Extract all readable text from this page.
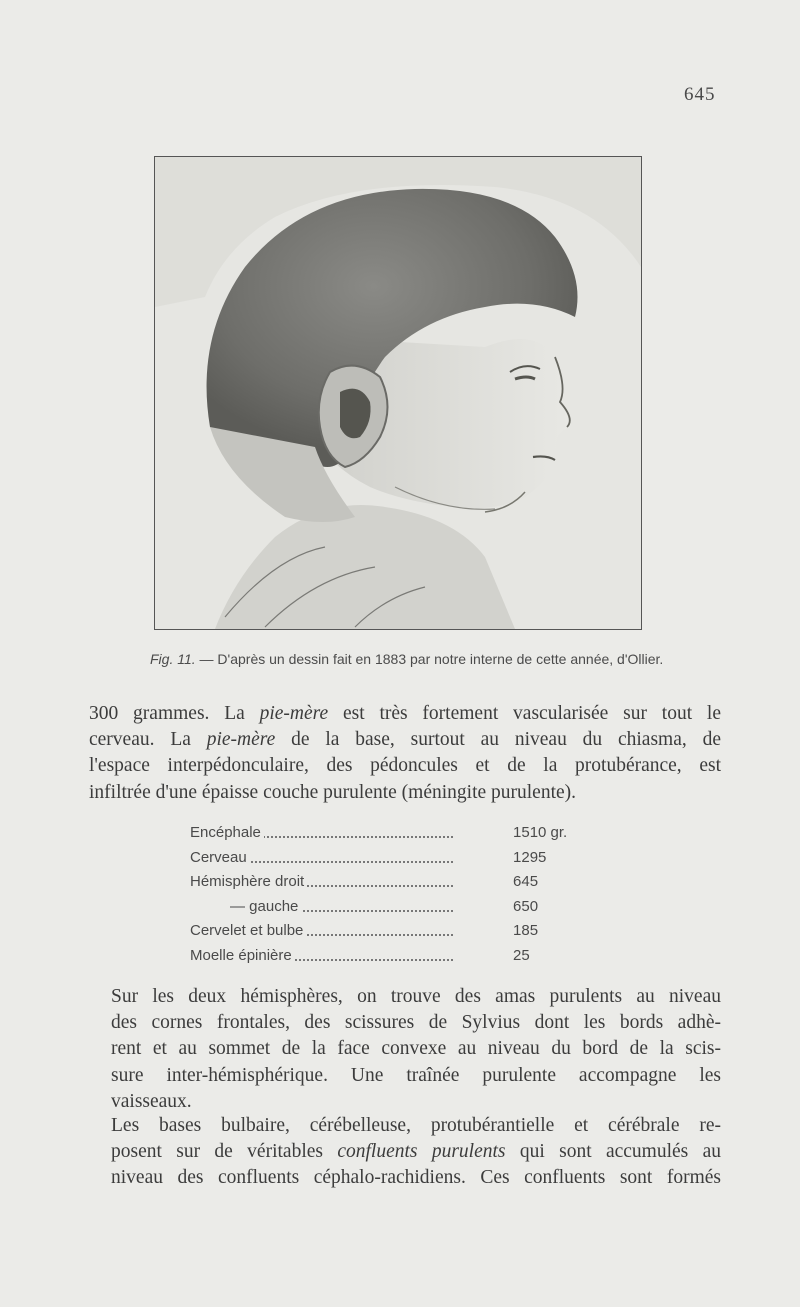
645
Fig. 11. — D'après un dessin fait en 1883 par notre interne de cette année, d'Ollier.
300 grammes. La pie-mère est très fortement vascularisée sur tout le
cerveau. La pie-mère de la base, surtout au niveau du chiasma, de
l'espace interpédonculaire, des pédoncules et de la protubérance, est
infiltrée d'une épaisse couche purulente (méningite purulente).
Encéphale	1510 gr.
Cerveau	1295
Hémisphère droit	645
— gauche	650
Cervelet et bulbe	185
Moelle épinière	25
Sur les deux hémisphères, on trouve des amas purulents au niveau
des cornes frontales, des scissures de Sylvius dont les bords adhè-
rent et au sommet de la face convexe au niveau du bord de la scis-
sure inter-hémisphérique. Une traînée purulente accompagne les
vaisseaux.
Les bases bulbaire, cérébelleuse, protubérantielle et cérébrale re-
posent sur de véritables confluents purulents qui sont accumulés au
niveau des confluents céphalo-rachidiens. Ces confluents sont formés
